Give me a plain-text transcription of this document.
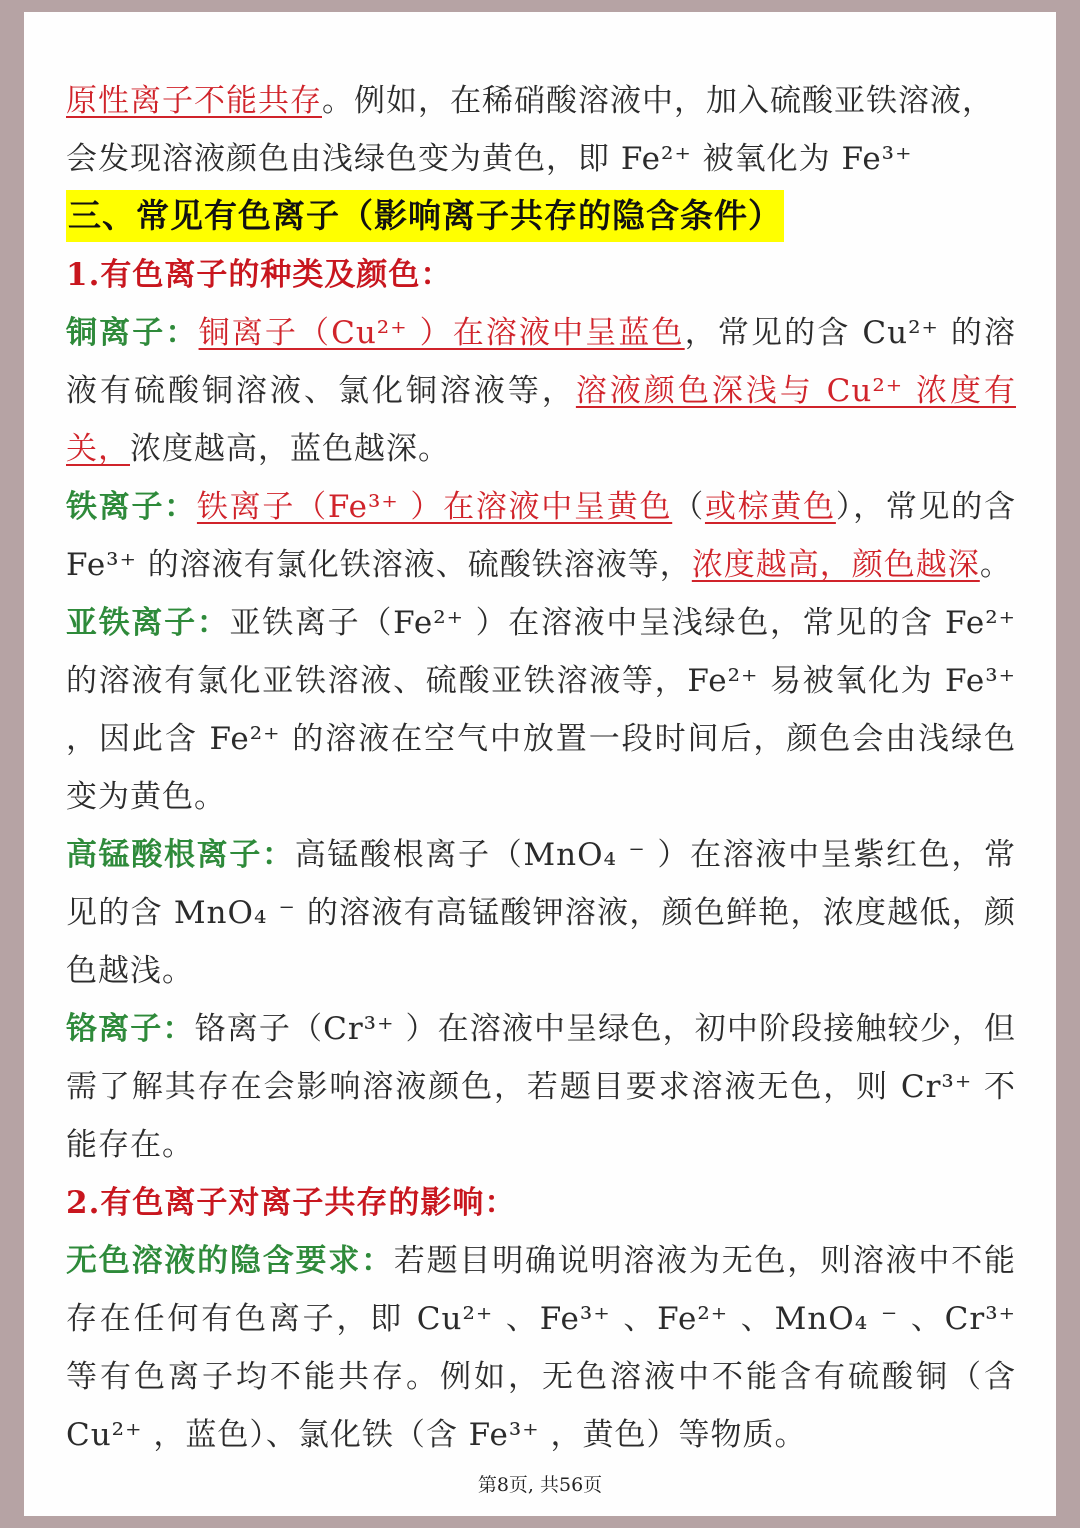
原性离子不能共存。例如，在稀硝酸溶液中，加入硫酸亚铁溶液，
会发现溶液颜色由浅绿色变为黄色，即 Fe²⁺ 被氧化为 Fe³⁺

三、常见有色离子（影响离子共存的隐含条件）

1.有色离子的种类及颜色：

铜离子：铜离子（Cu²⁺ ）在溶液中呈蓝色，常见的含 Cu²⁺ 的溶液有硫酸铜溶液、氯化铜溶液等，溶液颜色深浅与 Cu²⁺ 浓度有关，浓度越高，蓝色越深。

铁离子：铁离子（Fe³⁺ ）在溶液中呈黄色（或棕黄色），常见的含 Fe³⁺ 的溶液有氯化铁溶液、硫酸铁溶液等，浓度越高，颜色越深。

亚铁离子：亚铁离子（Fe²⁺ ）在溶液中呈浅绿色，常见的含 Fe²⁺ 的溶液有氯化亚铁溶液、硫酸亚铁溶液等，Fe²⁺ 易被氧化为 Fe³⁺ ，因此含 Fe²⁺ 的溶液在空气中放置一段时间后，颜色会由浅绿色变为黄色。

高锰酸根离子：高锰酸根离子（MnO₄ ⁻ ）在溶液中呈紫红色，常见的含 MnO₄ ⁻ 的溶液有高锰酸钾溶液，颜色鲜艳，浓度越低，颜色越浅。

铬离子：铬离子（Cr³⁺ ）在溶液中呈绿色，初中阶段接触较少，但需了解其存在会影响溶液颜色，若题目要求溶液无色，则 Cr³⁺ 不能存在。

2.有色离子对离子共存的影响：

无色溶液的隐含要求：若题目明确说明溶液为无色，则溶液中不能存在任何有色离子，即 Cu²⁺ 、Fe³⁺ 、Fe²⁺ 、MnO₄ ⁻ 、Cr³⁺ 等有色离子均不能共存。例如，无色溶液中不能含有硫酸铜（含 Cu²⁺ ，蓝色）、氯化铁（含 Fe³⁺ ，黄色）等物质。

第8页, 共56页
